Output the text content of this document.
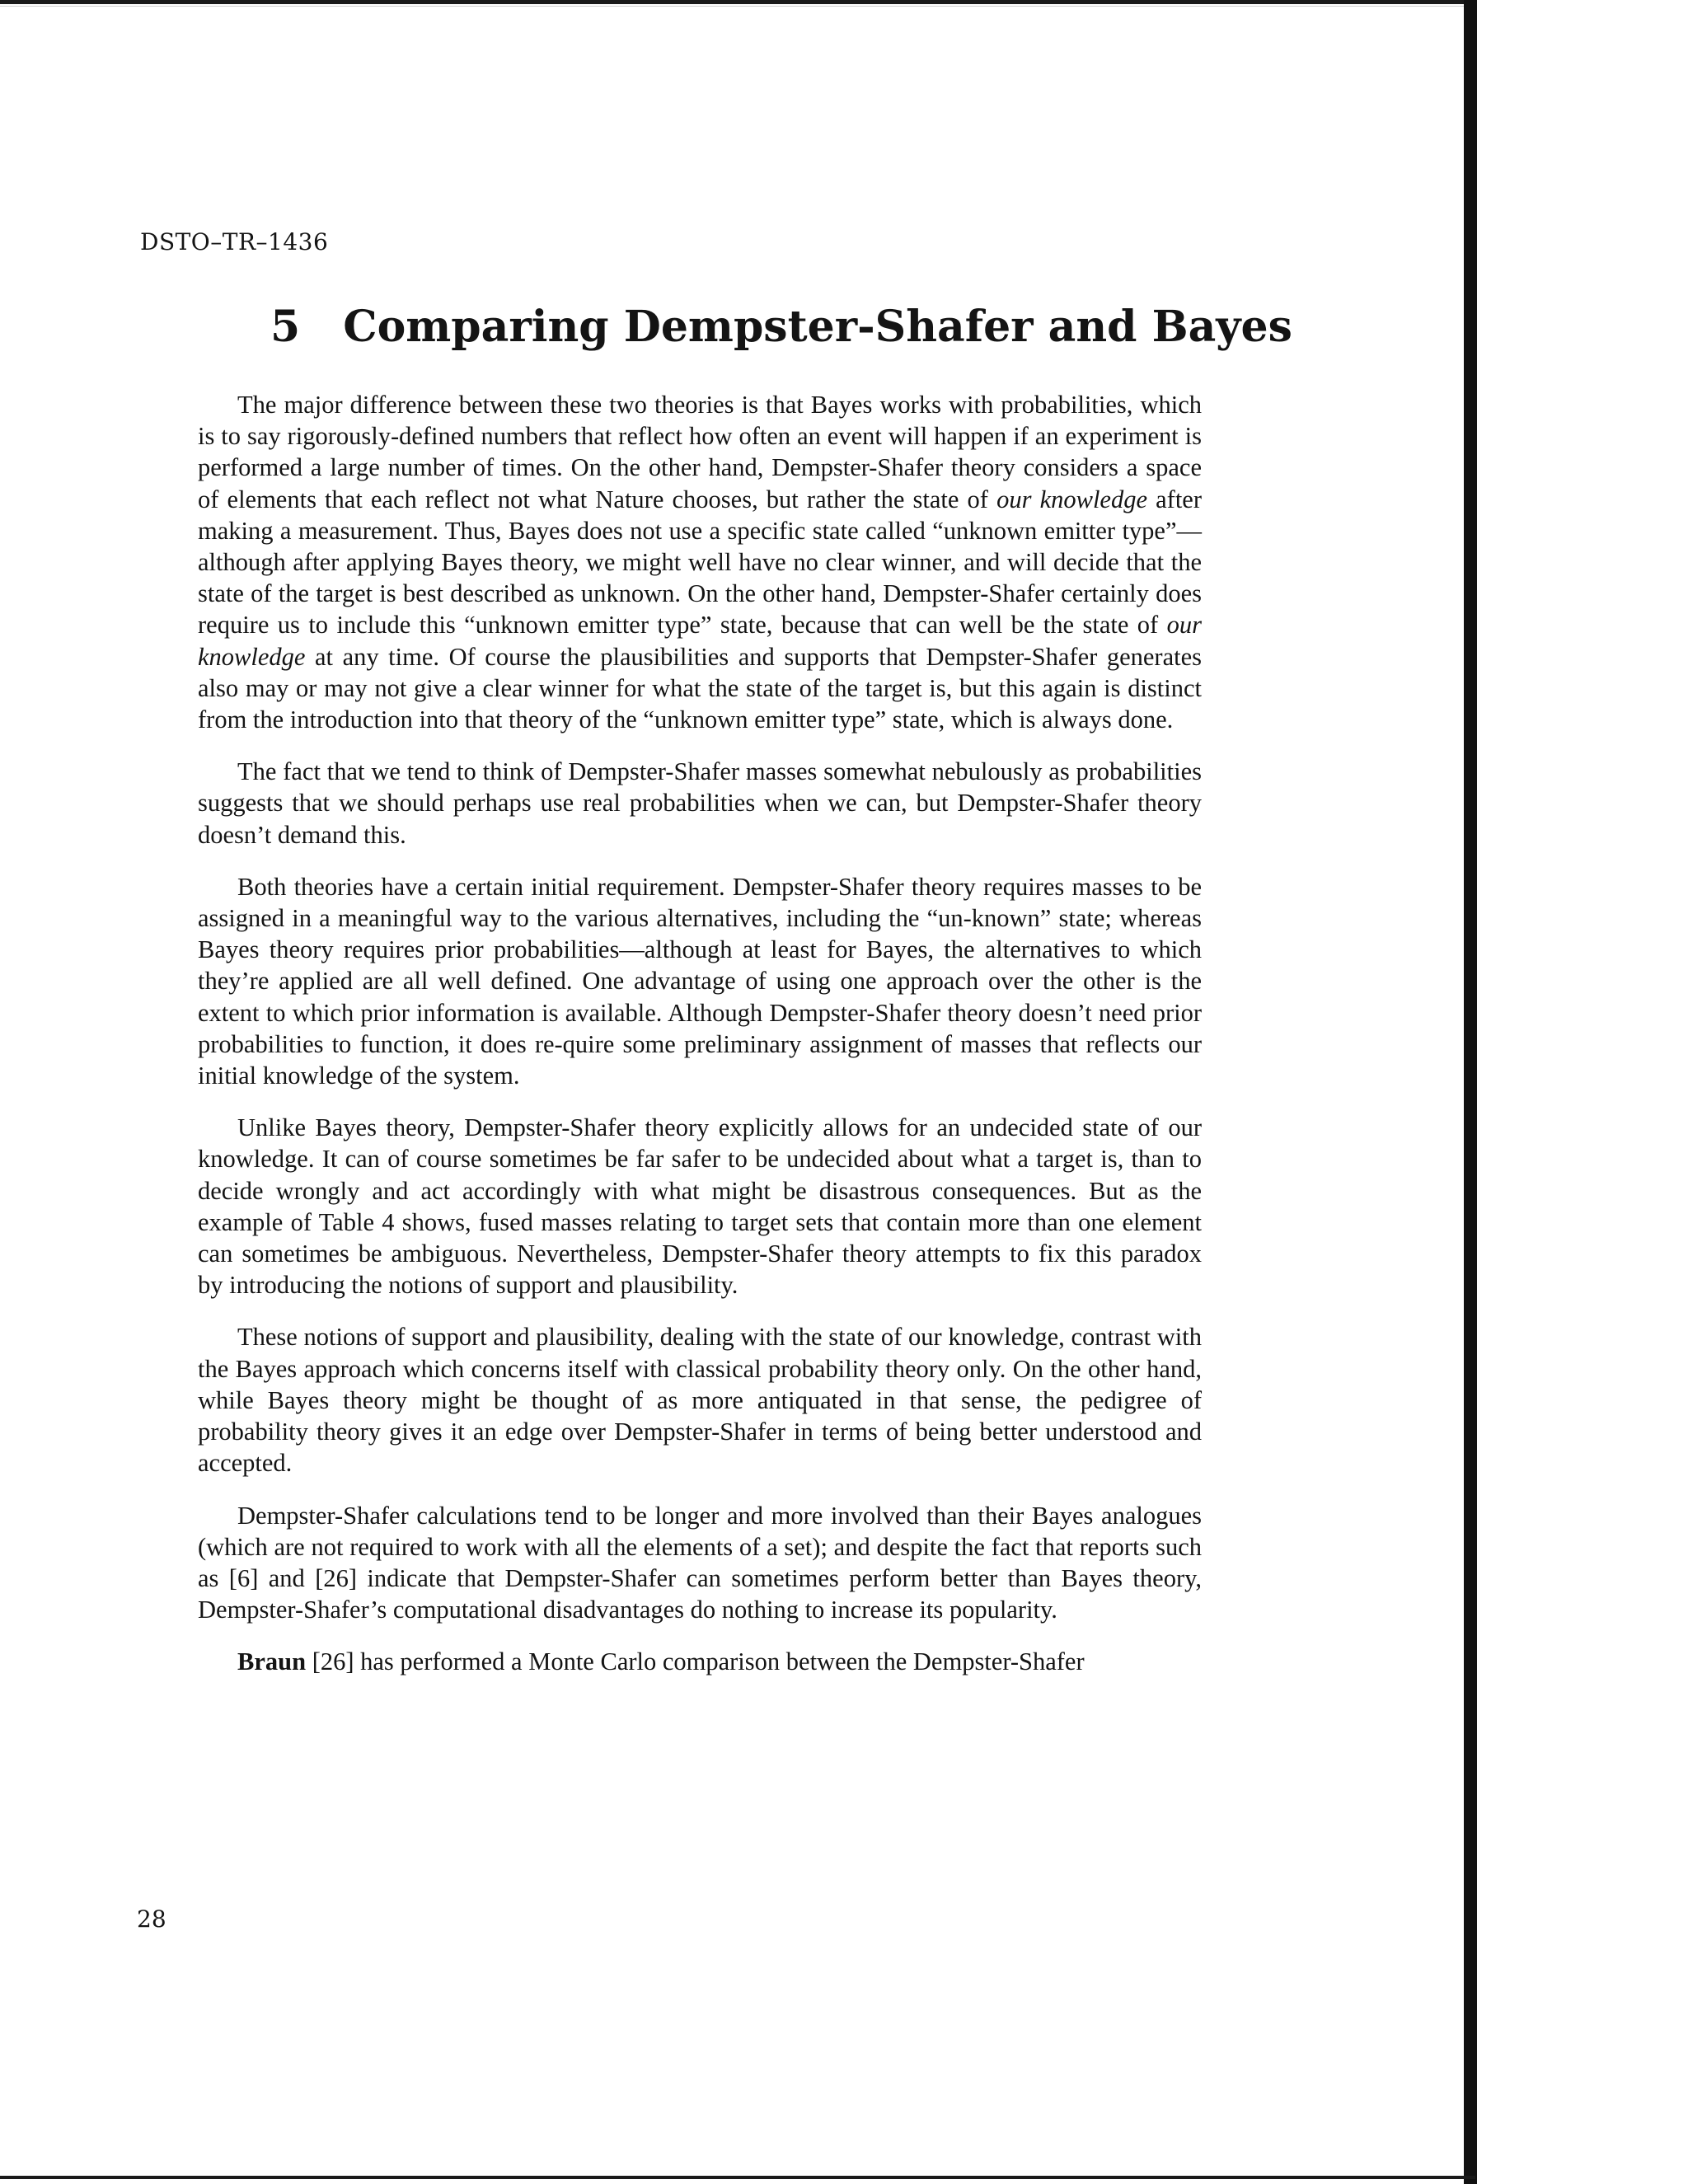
DSTO–TR–1436
5 Comparing Dempster-Shafer and Bayes

The major difference between these two theories is that Bayes works with probabilities, which is to say rigorously-defined numbers that reflect how often an event will happen if an experiment is performed a large number of times. On the other hand, Dempster-Shafer theory considers a space of elements that each reflect not what Nature chooses, but rather the state of our knowledge after making a measurement. Thus, Bayes does not use a specific state called “unknown emitter type”—although after applying Bayes theory, we might well have no clear winner, and will decide that the state of the target is best described as unknown. On the other hand, Dempster-Shafer certainly does require us to include this “unknown emitter type” state, because that can well be the state of our knowledge at any time. Of course the plausibilities and supports that Dempster-Shafer generates also may or may not give a clear winner for what the state of the target is, but this again is distinct from the introduction into that theory of the “unknown emitter type” state, which is always done.

The fact that we tend to think of Dempster-Shafer masses somewhat nebulously as probabilities suggests that we should perhaps use real probabilities when we can, but Dempster-Shafer theory doesn’t demand this.

Both theories have a certain initial requirement. Dempster-Shafer theory requires masses to be assigned in a meaningful way to the various alternatives, including the “un-known” state; whereas Bayes theory requires prior probabilities—although at least for Bayes, the alternatives to which they’re applied are all well defined. One advantage of using one approach over the other is the extent to which prior information is available. Although Dempster-Shafer theory doesn’t need prior probabilities to function, it does re-quire some preliminary assignment of masses that reflects our initial knowledge of the system.

Unlike Bayes theory, Dempster-Shafer theory explicitly allows for an undecided state of our knowledge. It can of course sometimes be far safer to be undecided about what a target is, than to decide wrongly and act accordingly with what might be disastrous consequences. But as the example of Table 4 shows, fused masses relating to target sets that contain more than one element can sometimes be ambiguous. Nevertheless, Dempster-Shafer theory attempts to fix this paradox by introducing the notions of support and plausibility.

These notions of support and plausibility, dealing with the state of our knowledge, contrast with the Bayes approach which concerns itself with classical probability theory only. On the other hand, while Bayes theory might be thought of as more antiquated in that sense, the pedigree of probability theory gives it an edge over Dempster-Shafer in terms of being better understood and accepted.

Dempster-Shafer calculations tend to be longer and more involved than their Bayes analogues (which are not required to work with all the elements of a set); and despite the fact that reports such as [6] and [26] indicate that Dempster-Shafer can sometimes perform better than Bayes theory, Dempster-Shafer’s computational disadvantages do nothing to increase its popularity.

Braun [26] has performed a Monte Carlo comparison between the Dempster-Shafer

28
